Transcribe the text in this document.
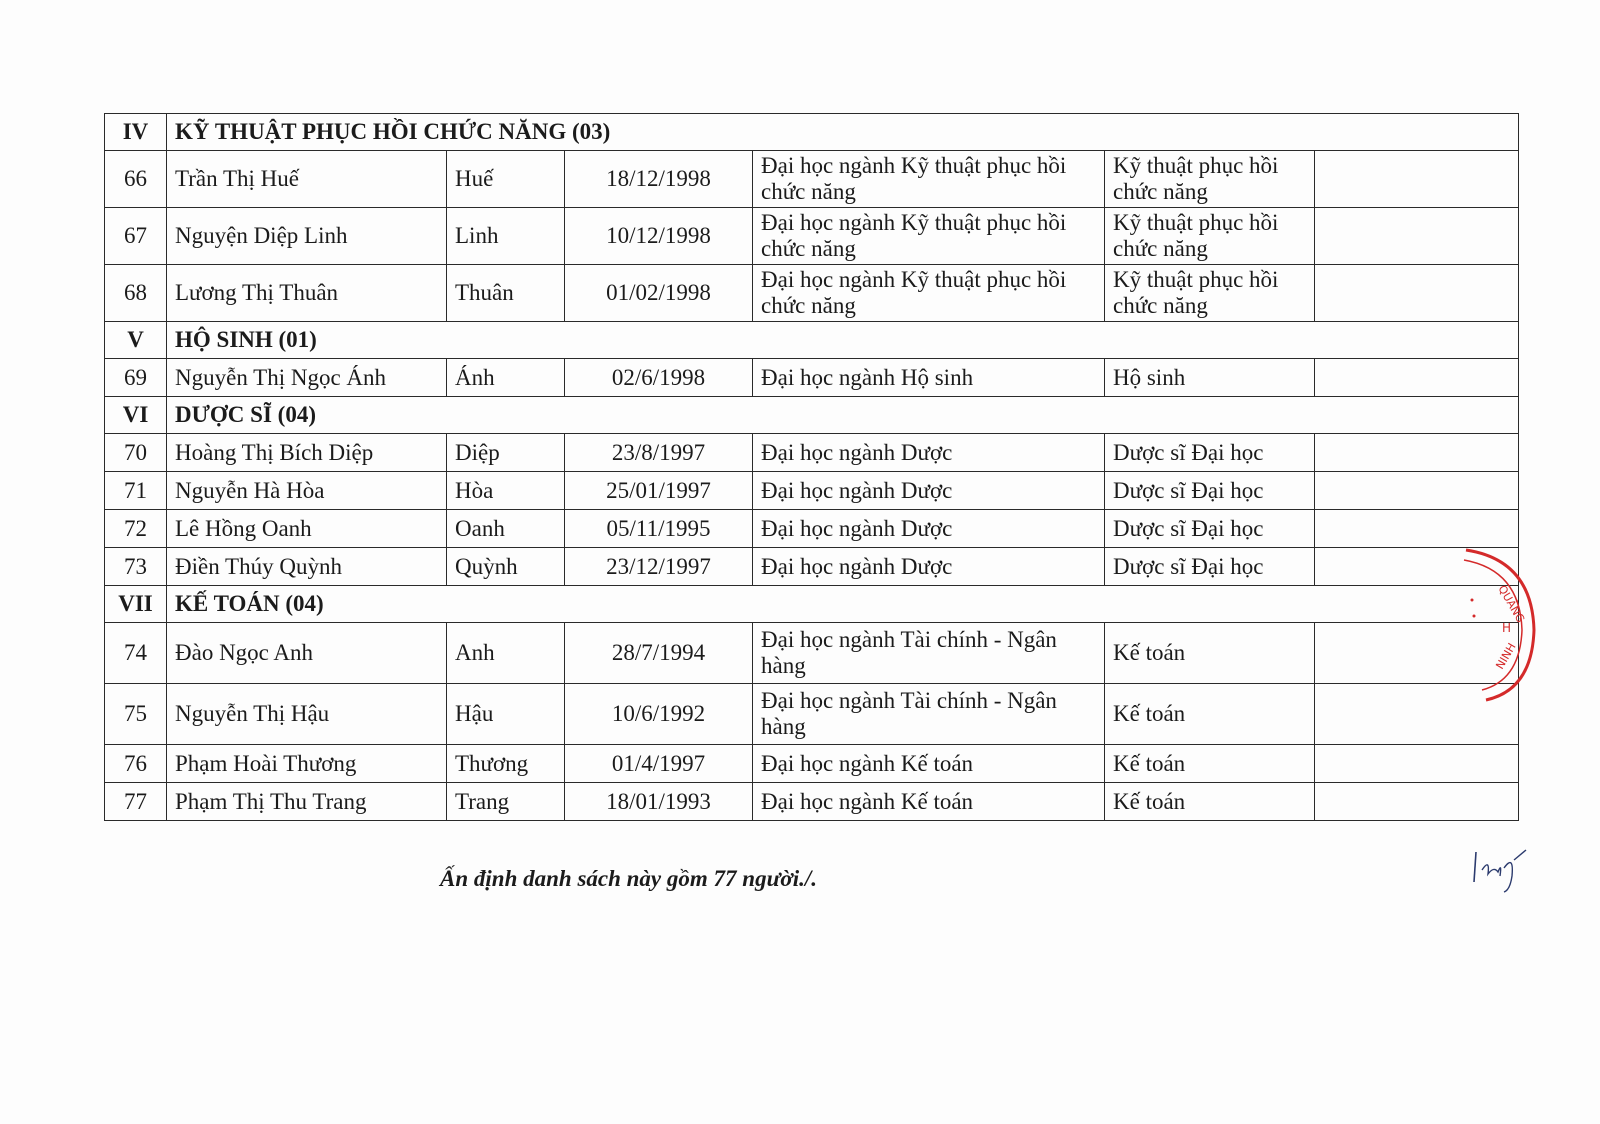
IV	KỸ THUẬT PHỤC HỒI CHỨC NĂNG (03)					
66	Trần Thị Huế	Huế	18/12/1998	Đại học ngành Kỹ thuật phục hồi chức năng	Kỹ thuật phục hồi chức năng	
67	Nguyện Diệp Linh	Linh	10/12/1998	Đại học ngành Kỹ thuật phục hồi chức năng	Kỹ thuật phục hồi chức năng	
68	Lương Thị Thuân	Thuân	01/02/1998	Đại học ngành Kỹ thuật phục hồi chức năng	Kỹ thuật phục hồi chức năng	
V	HỘ SINH (01)					
69	Nguyễn Thị Ngọc Ánh	Ánh	02/6/1998	Đại học ngành Hộ sinh	Hộ sinh	
VI	DƯỢC SĨ (04)					
70	Hoàng Thị Bích Diệp	Diệp	23/8/1997	Đại học ngành Dược	Dược sĩ Đại học	
71	Nguyễn Hà Hòa	Hòa	25/01/1997	Đại học ngành Dược	Dược sĩ Đại học	
72	Lê Hồng Oanh	Oanh	05/11/1995	Đại học ngành Dược	Dược sĩ Đại học	
73	Điền Thúy Quỳnh	Quỳnh	23/12/1997	Đại học ngành Dược	Dược sĩ Đại học	
VII	KẾ TOÁN (04)					
74	Đào Ngọc Anh	Anh	28/7/1994	Đại học ngành Tài chính - Ngân hàng	Kế toán	
75	Nguyễn Thị Hậu	Hậu	10/6/1992	Đại học ngành Tài chính - Ngân hàng	Kế toán	
76	Phạm Hoài Thương	Thương	01/4/1997	Đại học ngành Kế toán	Kế toán	
77	Phạm Thị Thu Trang	Trang	18/01/1993	Đại học ngành Kế toán	Kế toán	
Ấn định danh sách này gồm 77 người./.
QUẢNG
H
NINH
